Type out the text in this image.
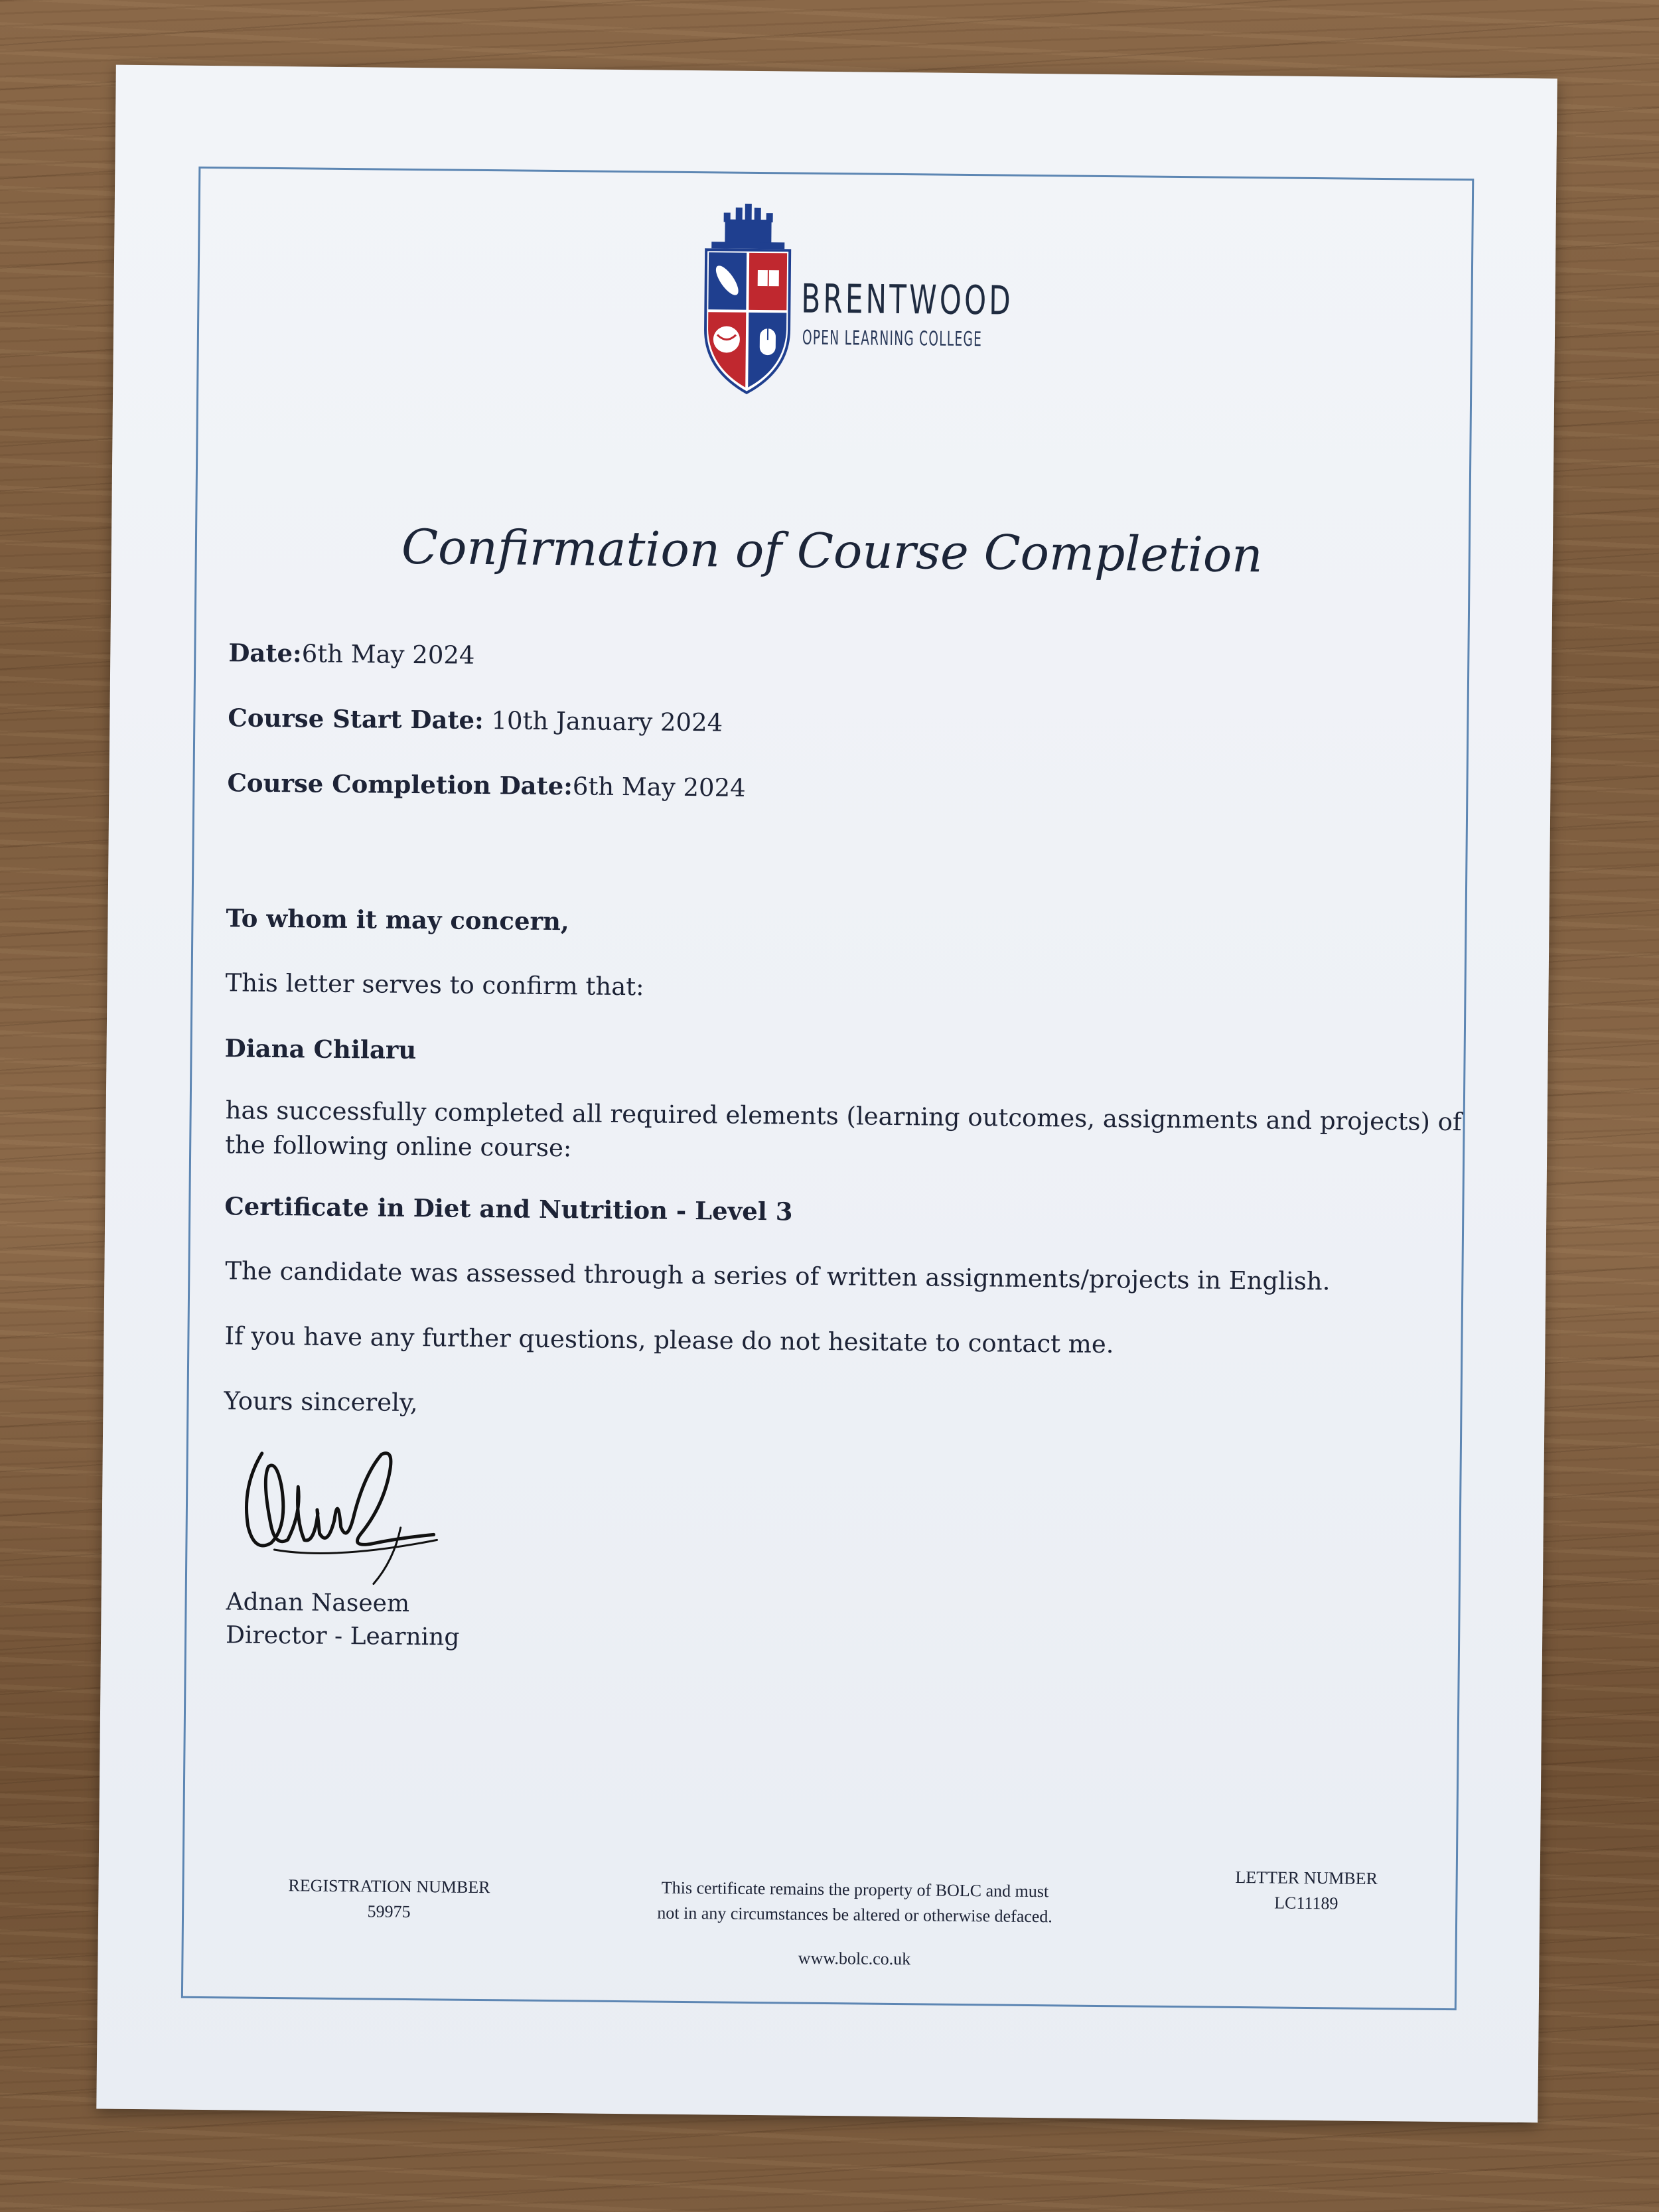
BRENTWOOD
OPEN LEARNING COLLEGE
Confirmation of Course Completion
Date:6th May 2024
Course Start Date: 10th January 2024
Course Completion Date:6th May 2024
To whom it may concern,
This letter serves to confirm that:
Diana Chilaru
has successfully completed all required elements (learning outcomes, assignments and projects) of the following online course:
Certificate in Diet and Nutrition - Level 3
The candidate was assessed through a series of written assignments/projects in English.
If you have any further questions, please do not hesitate to contact me.
Yours sincerely,
Adnan Naseem
Director - Learning
REGISTRATION NUMBER
59975
This certificate remains the property of BOLC and must
not in any circumstances be altered or otherwise defaced.
www.bolc.co.uk
LETTER NUMBER
LC11189
